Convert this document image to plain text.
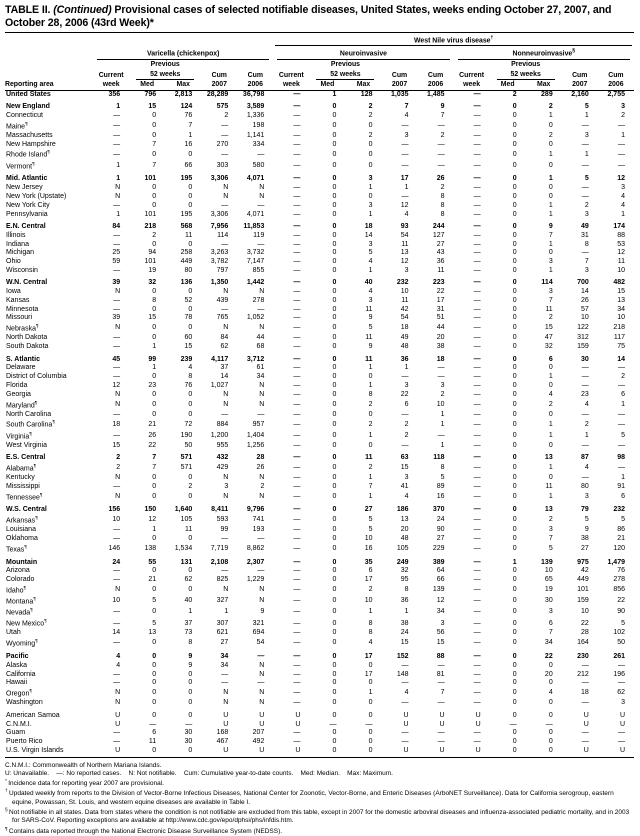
TABLE II. (Continued) Provisional cases of selected notifiable diseases, United States, weeks ending October 27, 2007, and October 28, 2006 (43rd Week)*

						West Nile virus disease†

	Varicella (chickenpox)					Neuroinvasive					Nonneuroinvasive§

		Previous					Previous					Previous			
	Current	52 weeks		Cum	Cum	Current	52 weeks		Cum	Cum	Current	52 weeks		Cum	Cum
Reporting area	week	Med	Max	2007	2006	week	Med	Max	2007	2006	week	Med	Max	2007	2006
United States	356	796	2,813	28,289	36,798	—	1	128	1,035	1,485	—	2	289	2,160	2,755
New England	1	15	124	575	3,589	—	0	2	7	9	—	0	2	5	3
Connecticut	—	0	76	2	1,336	—	0	2	4	7	—	0	1	1	2
Maine¶	—	0	7	—	198	—	0	0	—	—	—	0	0	—	—
Massachusetts	—	0	1	—	1,141	—	0	2	3	2	—	0	2	3	1
New Hampshire	—	7	16	270	334	—	0	0	—	—	—	0	0	—	—
Rhode Island¶	—	0	0	—	—	—	0	0	—	—	—	0	1	1	—
Vermont¶	1	7	66	303	580	—	0	0	—	—	—	0	0	—	—
Mid. Atlantic	1	101	195	3,306	4,071	—	0	3	17	26	—	0	1	5	12
New Jersey	N	0	0	N	N	—	0	1	1	2	—	0	0	—	3
New York (Upstate)	N	0	0	N	N	—	0	0	—	8	—	0	0	—	4
New York City	—	0	0	—	—	—	0	3	12	8	—	0	1	2	4
Pennsylvania	1	101	195	3,306	4,071	—	0	1	4	8	—	0	1	3	1
E.N. Central	84	218	568	7,956	11,853	—	0	18	93	244	—	0	9	49	174
Illinois	—	2	11	114	119	—	0	14	54	127	—	0	7	31	88
Indiana	—	0	0	—	—	—	0	3	11	27	—	0	1	8	53
Michigan	25	94	258	3,263	3,732	—	0	5	13	43	—	0	0	—	12
Ohio	59	101	449	3,782	7,147	—	0	4	12	36	—	0	3	7	11
Wisconsin	—	19	80	797	855	—	0	1	3	11	—	0	1	3	10
W.N. Central	39	32	136	1,350	1,442	—	0	40	232	223	—	0	114	700	482
Iowa	N	0	0	N	N	—	0	4	10	22	—	0	3	14	15
Kansas	—	8	52	439	278	—	0	3	11	17	—	0	7	26	13
Minnesota	—	0	0	—	—	—	0	11	42	31	—	0	11	57	34
Missouri	39	15	78	765	1,052	—	0	9	54	51	—	0	2	10	10
Nebraska¶	N	0	0	N	N	—	0	5	18	44	—	0	15	122	218
North Dakota	—	0	60	84	44	—	0	11	49	20	—	0	47	312	117
South Dakota	—	1	15	62	68	—	0	9	48	38	—	0	32	159	75
S. Atlantic	45	99	239	4,117	3,712	—	0	11	36	18	—	0	6	30	14
Delaware	—	1	4	37	61	—	0	1	1	—	—	0	0	—	—
District of Columbia	—	0	8	14	34	—	0	0	—	—	—	0	1	—	2
Florida	12	23	76	1,027	N	—	0	1	3	3	—	0	0	—	—
Georgia	N	0	0	N	N	—	0	8	22	2	—	0	4	23	6
Maryland¶	N	0	0	N	N	—	0	2	6	10	—	0	2	4	1
North Carolina	—	0	0	—	—	—	0	0	—	1	—	0	0	—	—
South Carolina¶	18	21	72	884	957	—	0	2	2	1	—	0	1	2	—
Virginia¶	—	26	190	1,200	1,404	—	0	1	2	—	—	0	1	1	5
West Virginia	15	22	50	955	1,256	—	0	0	—	1	—	0	0	—	—
E.S. Central	2	7	571	432	28	—	0	11	63	118	—	0	13	87	98
Alabama¶	2	7	571	429	26	—	0	2	15	8	—	0	1	4	—
Kentucky	N	0	0	N	N	—	0	1	3	5	—	0	0	—	1
Mississippi	—	0	2	3	2	—	0	7	41	89	—	0	11	80	91
Tennessee¶	N	0	0	N	N	—	0	1	4	16	—	0	1	3	6
W.S. Central	156	150	1,640	8,411	9,796	—	0	27	186	370	—	0	13	79	232
Arkansas¶	10	12	105	593	741	—	0	5	13	24	—	0	2	5	5
Louisiana	—	1	11	99	193	—	0	5	20	90	—	0	3	9	86
Oklahoma	—	0	0	—	—	—	0	10	48	27	—	0	7	38	21
Texas¶	146	138	1,534	7,719	8,862	—	0	16	105	229	—	0	5	27	120
Mountain	24	55	131	2,108	2,307	—	0	35	249	389	—	1	139	975	1,479
Arizona	—	0	0	—	—	—	0	6	32	64	—	0	10	42	76
Colorado	—	21	62	825	1,229	—	0	17	95	66	—	0	65	449	278
Idaho¶	N	0	0	N	N	—	0	2	8	139	—	0	19	101	856
Montana¶	10	5	40	327	N	—	0	10	36	12	—	0	30	159	22
Nevada¶	—	0	1	1	9	—	0	1	1	34	—	0	3	10	90
New Mexico¶	—	5	37	307	321	—	0	8	38	3	—	0	6	22	5
Utah	14	13	73	621	694	—	0	8	24	56	—	0	7	28	102
Wyoming¶	—	0	8	27	54	—	0	4	15	15	—	0	34	164	50
Pacific	4	0	9	34	—	—	0	17	152	88	—	0	22	230	261
Alaska	4	0	9	34	N	—	0	0	—	—	—	0	0	—	—
California	—	0	0	—	N	—	0	17	148	81	—	0	20	212	196
Hawaii	—	0	0	—	—	—	0	0	—	—	—	0	0	—	—
Oregon¶	N	0	0	N	N	—	0	1	4	7	—	0	4	18	62
Washington	N	0	0	N	N	—	0	0	—	—	—	0	0	—	3
American Samoa	U	0	0	U	U	U	0	0	U	U	U	0	0	U	U
C.N.M.I.	U	—	—	U	U	U	—	—	U	U	U	—	—	U	U
Guam	—	6	30	168	207	—	0	0	—	—	—	0	0	—	—
Puerto Rico	—	11	30	467	492	—	0	0	—	—	—	0	0	—	—
U.S. Virgin Islands	U	0	0	U	U	U	0	0	U	U	U	0	0	U	U
C.N.M.I.: Commonwealth of Northern Mariana Islands.
U: Unavailable.    —: No reported cases.    N: Not notifiable.    Cum: Cumulative year-to-date counts.    Med: Median.    Max: Maximum.
* Incidence data for reporting year 2007 are provisional.
† Updated weekly from reports to the Division of Vector-Borne Infectious Diseases, National Center for Zoonotic, Vector-Borne, and Enteric Diseases (ArboNET Surveillance). Data for California serogroup, eastern equine, Powassan, St. Louis, and western equine diseases are available in Table I.
§ Not notifiable in all states. Data from states where the condition is not notifiable are excluded from this table, except in 2007 for the domestic arboviral diseases and influenza-associated pediatric mortality, and in 2003 for SARS-CoV. Reporting exceptions are available at http://www.cdc.gov/epo/dphsi/phs/infdis.htm.
¶ Contains data reported through the National Electronic Disease Surveillance System (NEDSS).
